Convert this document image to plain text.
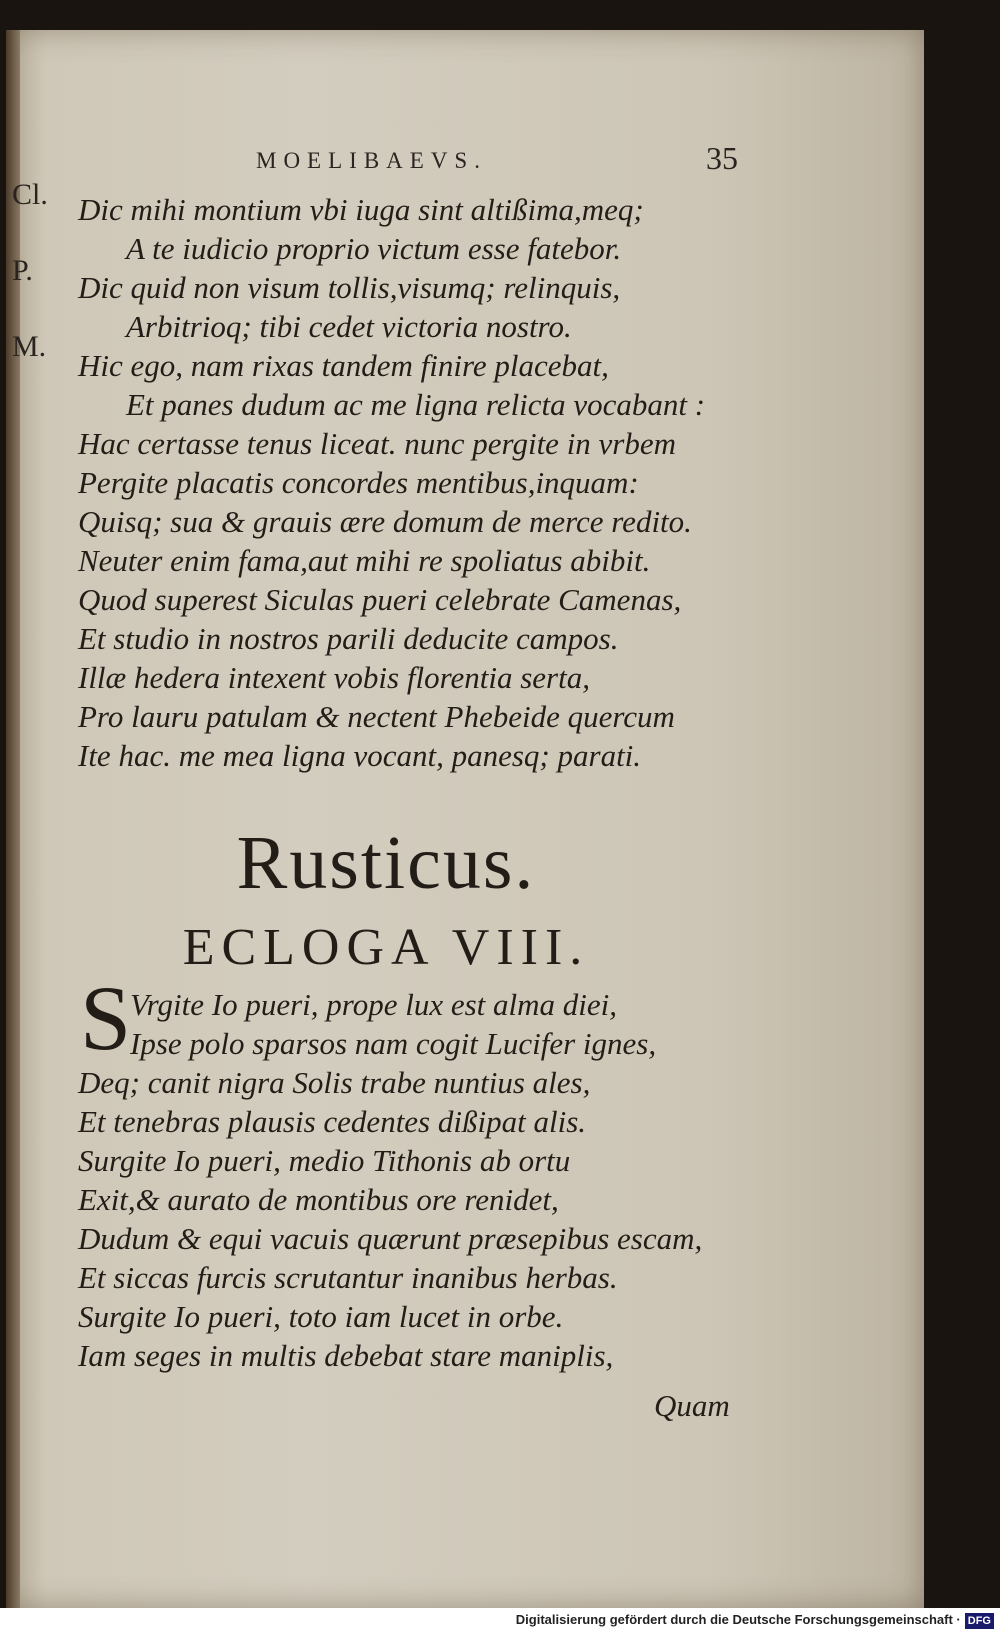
MOELIBAEVS.	35
Cl.
P.
M.
Dic mihi montium vbi iuga sint altißima,meq;
A te iudicio proprio victum esse fatebor.
Dic quid non visum tollis,visumq; relinquis,
Arbitrioq; tibi cedet victoria nostro.
Hic ego, nam rixas tandem finire placebat,
Et panes dudum ac me ligna relicta vocabant :
Hac certasse tenus liceat. nunc pergite in vrbem
Pergite placatis concordes mentibus,inquam:
Quisq; sua & grauis ære domum de merce redito.
Neuter enim fama,aut mihi re spoliatus abibit.
Quod superest Siculas pueri celebrate Camenas,
Et studio in nostros parili deducite campos.
Illæ hedera intexent vobis florentia serta,
Pro lauru patulam & nectent Phebeide quercum
Ite hac. me mea ligna vocant, panesq; parati.
Rusticus.
ECLOGA VIII.
S
Vrgite Io pueri, prope lux est alma diei,
Ipse polo sparsos nam cogit Lucifer ignes,
Deq; canit nigra Solis trabe nuntius ales,
Et tenebras plausis cedentes dißipat alis.
Surgite Io pueri, medio Tithonis ab ortu
Exit,& aurato de montibus ore renidet,
Dudum & equi vacuis quærunt præsepibus escam,
Et siccas furcis scrutantur inanibus herbas.
Surgite Io pueri, toto iam lucet in orbe.
Iam seges in multis debebat stare maniplis,
Quam
Digitalisierung gefördert durch die Deutsche Forschungsgemeinschaft · DFG
